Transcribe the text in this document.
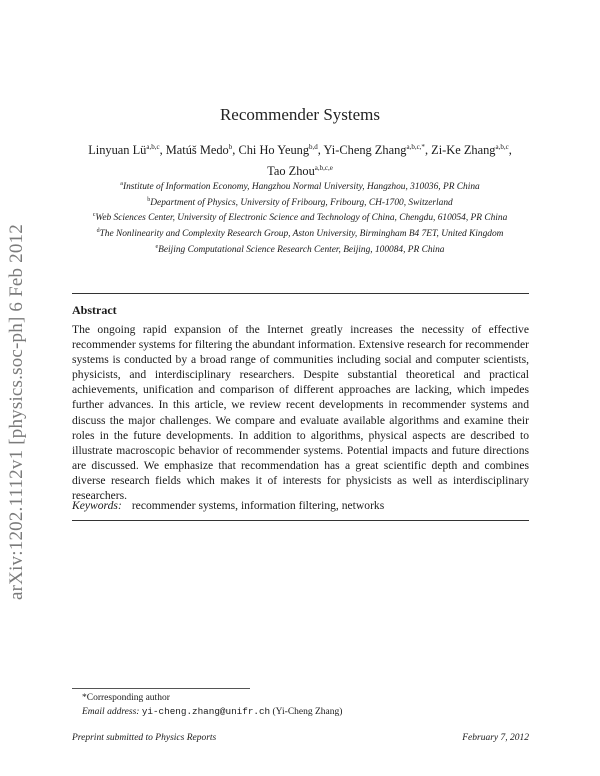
arXiv:1202.1112v1 [physics.soc-ph] 6 Feb 2012
Recommender Systems
Linyuan Lü$^{a,b,c}$, Matúš Medo$^b$, Chi Ho Yeung$^{b,d}$, Yi-Cheng Zhang$^{a,b,c,*}$, Zi-Ke Zhang$^{a,b,c}$,
Tao Zhou$^{a,b,c,e}$
$^a$Institute of Information Economy, Hangzhou Normal University, Hangzhou, 310036, PR China
$^b$Department of Physics, University of Fribourg, Fribourg, CH-1700, Switzerland
$^c$Web Sciences Center, University of Electronic Science and Technology of China, Chengdu, 610054, PR China
$^d$The Nonlinearity and Complexity Research Group, Aston University, Birmingham B4 7ET, United Kingdom
$^e$Beijing Computational Science Research Center, Beijing, 100084, PR China
Abstract
The ongoing rapid expansion of the Internet greatly increases the necessity of effective recommender systems for filtering the abundant information. Extensive research for recommender systems is conducted by a broad range of communities including social and computer scientists, physicists, and interdisciplinary researchers. Despite substantial theoretical and practical achievements, unification and comparison of different approaches are lacking, which impedes further advances. In this article, we review recent developments in recommender systems and discuss the major challenges. We compare and evaluate available algorithms and examine their roles in the future developments. In addition to algorithms, physical aspects are described to illustrate macroscopic behavior of recommender systems. Potential impacts and future directions are discussed. We emphasize that recommendation has a great scientific depth and combines diverse research fields which makes it of interests for physicists as well as interdisciplinary researchers.
Keywords: recommender systems, information filtering, networks
*Corresponding author
Email address: yi-cheng.zhang@unifr.ch (Yi-Cheng Zhang)
Preprint submitted to Physics Reports	February 7, 2012
